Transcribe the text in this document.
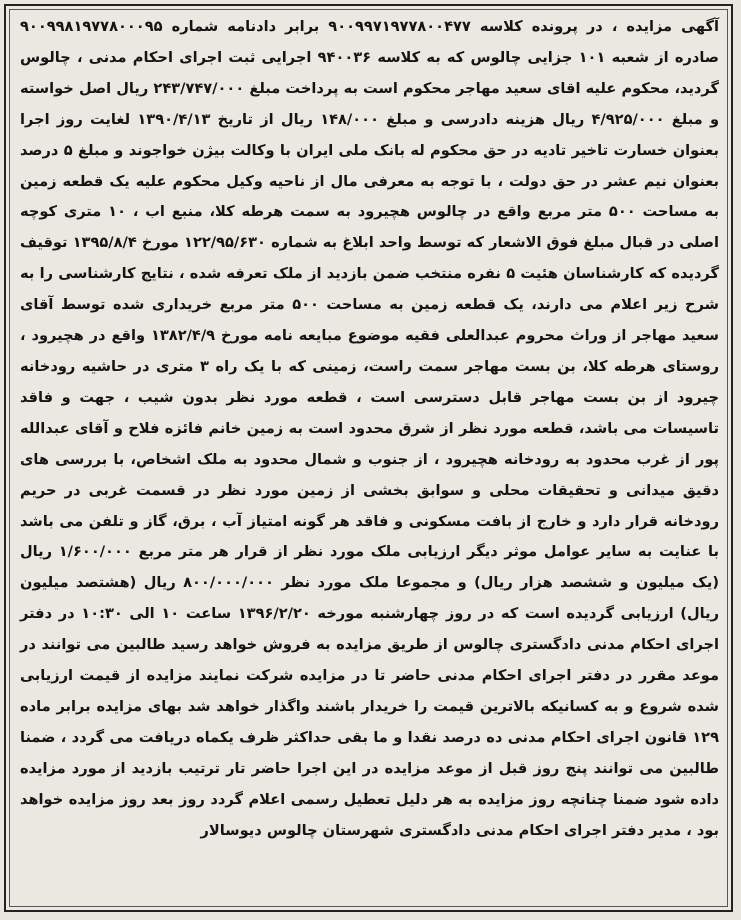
آگهی مزایده ، در پرونده کلاسه ۹۰۰۹۹۷۱۹۷۷۸۰۰۴۷۷ برابر دادنامه شماره ۹۰۰۹۹۸۱۹۷۷۸۰۰۰۹۵ صادره از شعبه ۱۰۱ جزایی چالوس که به کلاسه ۹۴۰۰۳۶ اجرایی ثبت اجرای احکام مدنی ، چالوس گردید، محکوم علیه اقای سعید مهاجر محکوم است به پرداخت مبلغ ۲۴۳/۷۴۷/۰۰۰ ریال اصل خواسته و مبلغ ۴/۹۲۵/۰۰۰ ریال هزینه دادرسی و مبلغ ۱۴۸/۰۰۰ ریال از تاریخ ۱۳۹۰/۴/۱۳ لغایت روز اجرا بعنوان خسارت تاخیر تادیه در حق محکوم له بانک ملی ایران با وکالت بیژن خواجوند و مبلغ ۵ درصد بعنوان نیم عشر در حق دولت ، با توجه به معرفی مال از ناحیه وکیل محکوم علیه یک قطعه زمین به مساحت ۵۰۰ متر مربع واقع در چالوس هچیرود به سمت هرطه کلا، منبع اب ، ۱۰ متری کوچه اصلی در قبال مبلغ فوق الاشعار که توسط واحد ابلاغ به شماره ۱۲۲/۹۵/۶۳۰ مورخ ۱۳۹۵/۸/۴ توقیف گردیده که کارشناسان هئیت ۵ نفره منتخب ضمن بازدید از ملک تعرفه شده ، نتایج کارشناسی را به شرح زیر اعلام می دارند، یک قطعه زمین به مساحت ۵۰۰ متر مربع خریداری شده توسط آقای سعید مهاجر از وراث محروم عبدالعلی فقیه موضوع مبایعه نامه مورخ ۱۳۸۲/۴/۹ واقع در هچیرود ، روستای هرطه کلا، بن بست مهاجر سمت راست، زمینی که با یک راه ۳ متری در حاشیه رودخانه چیرود از بن بست مهاجر قابل دسترسی است ، قطعه مورد نظر بدون شیب ، جهت و فاقد تاسیسات می باشد، قطعه مورد نظر از شرق محدود است به زمین خانم فائزه فلاح و آقای عبدالله پور از غرب محدود به رودخانه هچیرود ، از جنوب و شمال محدود به ملک اشخاص، با بررسی های دقیق میدانی و تحقیقات محلی و سوابق بخشی از زمین مورد نظر در قسمت غربی در حریم رودخانه قرار دارد و خارج از بافت مسکونی و فاقد هر گونه امتیاز آب ، برق، گاز و تلفن می باشد با عنایت به سایر عوامل موثر دیگر ارزیابی ملک مورد نظر از قرار هر متر مربع ۱/۶۰۰/۰۰۰ ریال (یک میلیون و ششصد هزار ریال) و مجموعا ملک مورد نظر ۸۰۰/۰۰۰/۰۰۰ ریال (هشتصد میلیون ریال) ارزیابی گردیده است که در روز چهارشنبه مورخه ۱۳۹۶/۲/۲۰ ساعت ۱۰ الی ۱۰:۳۰ در دفتر اجرای احکام مدنی دادگستری چالوس از طریق مزایده به فروش خواهد رسید طالبین می توانند در موعد مقرر در دفتر اجرای احکام مدنی حاضر تا در مزایده شرکت نمایند مزایده از قیمت ارزیابی شده شروع و به کسانیکه بالاترین قیمت را خریدار باشند واگذار خواهد شد بهای مزایده برابر ماده ۱۲۹ قانون اجرای احکام مدنی ده درصد نقدا و ما بقی حداکثر ظرف یکماه دریافت می گردد ، ضمنا طالبین می توانند پنج روز قبل از موعد مزایده در این اجرا حاضر تار ترتیب بازدید از مورد مزایده داده شود ضمنا چنانچه روز مزایده به هر دلیل تعطیل رسمی اعلام گردد روز بعد روز مزایده خواهد بود ، مدیر دفتر اجرای احکام مدنی دادگستری شهرستان چالوس دیوسالار
